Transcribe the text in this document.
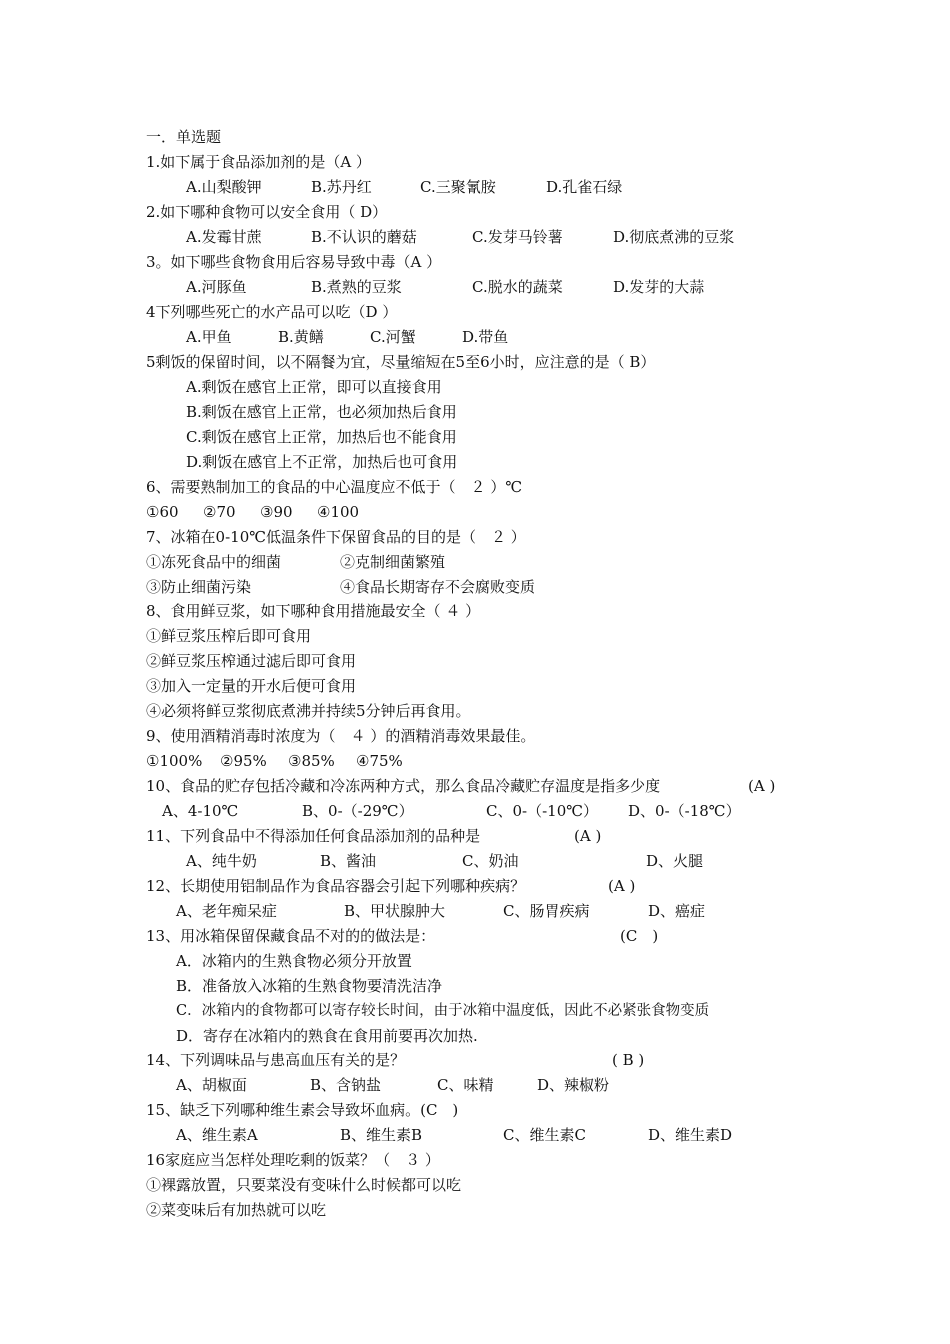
一．单选题
1.如下属于食品添加剂的是（A ）
A.山梨酸钾	B.苏丹红	C.三聚氰胺	D.孔雀石绿
2.如下哪种食物可以安全食用（ D）
A.发霉甘蔗	B.不认识的蘑菇	C.发芽马铃薯	D.彻底煮沸的豆浆
3。如下哪些食物食用后容易导致中毒（A ）
A.河豚鱼	B.煮熟的豆浆	C.脱水的蔬菜	D.发芽的大蒜
4下列哪些死亡的水产品可以吃（D ）
A.甲鱼	B.黄鳝	C.河蟹	D.带鱼
5剩饭的保留时间，以不隔餐为宜，尽量缩短在5至6小时，应注意的是（ B）
A.剩饭在感官上正常，即可以直接食用
B.剩饭在感官上正常，也必须加热后食用
C.剩饭在感官上正常，加热后也不能食用
D.剩饭在感官上不正常，加热后也可食用
6、需要熟制加工的食品的中心温度应不低于（　２ ）℃
①60 ②70 ③90 ④100
7、冰箱在0-10℃低温条件下保留食品的目的是（　２ ）
①冻死食品中的细菌	②克制细菌繁殖
③防止细菌污染	④食品长期寄存不会腐败变质
8、食用鲜豆浆，如下哪种食用措施最安全（ ４ ）
①鲜豆浆压榨后即可食用
②鲜豆浆压榨通过滤后即可食用
③加入一定量的开水后便可食用
④必须将鲜豆浆彻底煮沸并持续5分钟后再食用。
9、使用酒精消毒时浓度为（　４ ）的酒精消毒效果最佳。
①100% ②95% ③85% ④75%
10、食品的贮存包括冷藏和冷冻两种方式，那么食品冷藏贮存温度是指多少度	(A )
A、4-10℃	B、0-（-29℃）	C、0-（-10℃） D、0-（-18℃）
11、下列食品中不得添加任何食品添加剂的品种是	(A )
A、纯牛奶	B、酱油	C、奶油	D、火腿
12、长期使用铝制品作为食品容器会引起下列哪种疾病？	(A )
A、老年痴呆症	B、甲状腺肿大	C、肠胃疾病	D、癌症
13、用冰箱保留保藏食品不对的的做法是：	(C　)
A．冰箱内的生熟食物必须分开放置
B．准备放入冰箱的生熟食物要清洗洁净
C．冰箱内的食物都可以寄存较长时间，由于冰箱中温度低，因此不必紧张食物变质
D．寄存在冰箱内的熟食在食用前要再次加热.
14、下列调味品与患高血压有关的是？	( B )
A、胡椒面	B、含钠盐	C、味精	D、辣椒粉
15、缺乏下列哪种维生素会导致坏血病。(C　)
A、维生素A	B、维生素B	C、维生素C	D、维生素D
16家庭应当怎样处理吃剩的饭菜？（　３ ）
①裸露放置，只要菜没有变味什么时候都可以吃
②菜变味后有加热就可以吃
